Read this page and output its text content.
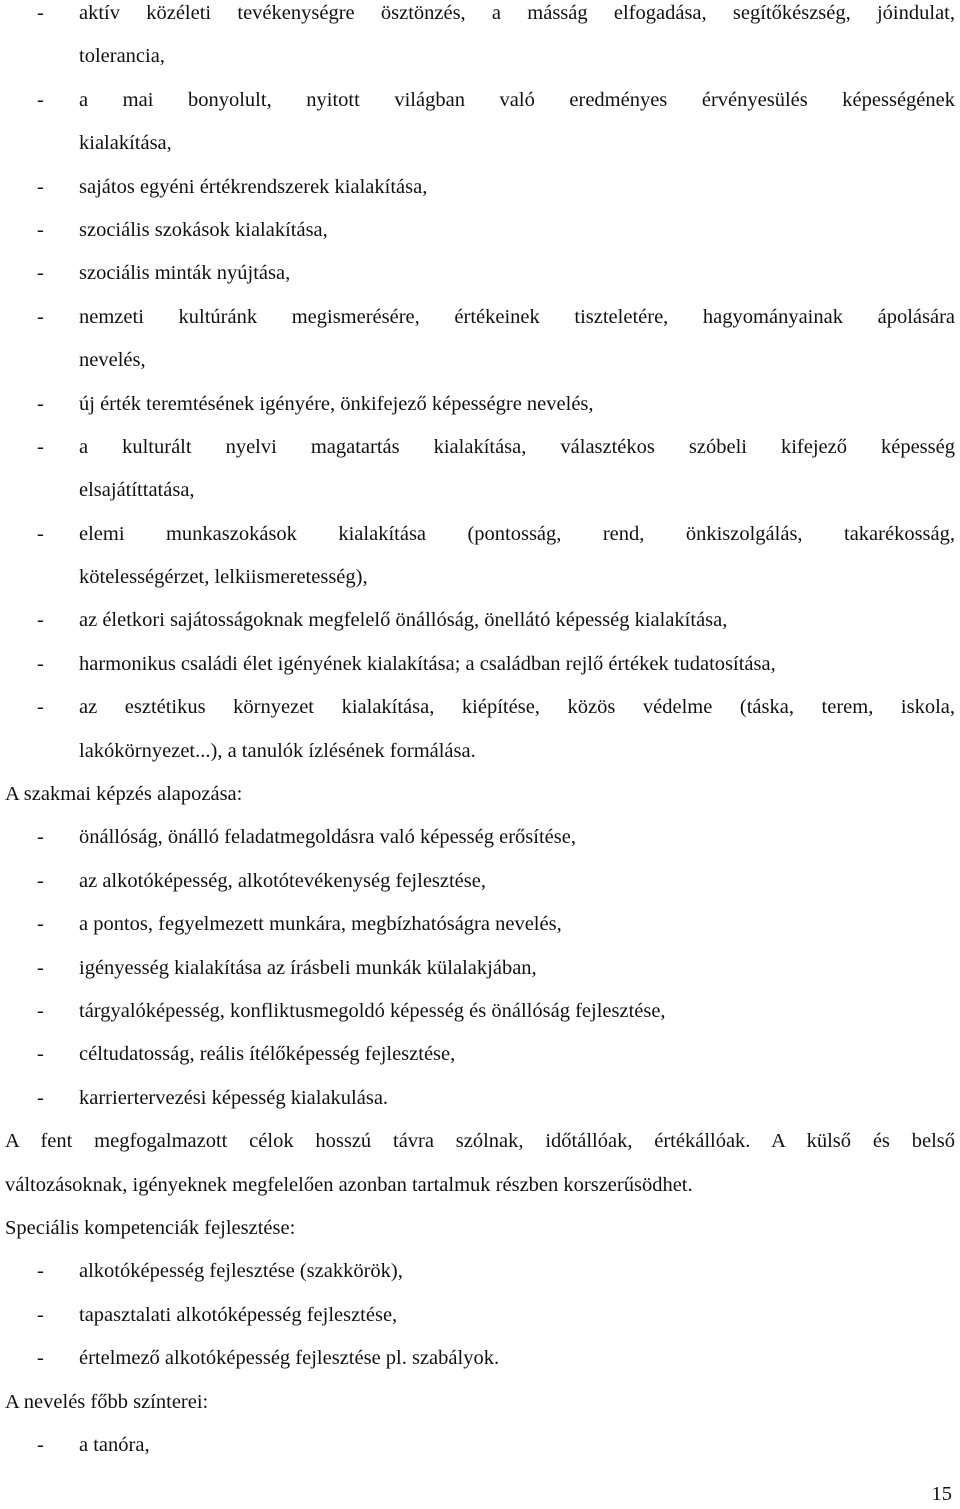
- aktív közéleti tevékenységre ösztönzés, a másság elfogadása, segítőkészség, jóindulat,
tolerancia,
- a mai bonyolult, nyitott világban való eredményes érvényesülés képességének
kialakítása,
- sajátos egyéni értékrendszerek kialakítása,
- szociális szokások kialakítása,
- szociális minták nyújtása,
- nemzeti kultúránk megismerésére, értékeinek tiszteletére, hagyományainak ápolására
nevelés,
- új érték teremtésének igényére, önkifejező képességre nevelés,
- a kulturált nyelvi magatartás kialakítása, választékos szóbeli kifejező képesség
elsajátíttatása,
- elemi munkaszokások kialakítása (pontosság, rend, önkiszolgálás, takarékosság,
kötelességérzet, lelkiismeretesség),
- az életkori sajátosságoknak megfelelő önállóság, önellátó képesség kialakítása,
- harmonikus családi élet igényének kialakítása; a családban rejlő értékek tudatosítása,
- az esztétikus környezet kialakítása, kiépítése, közös védelme (táska, terem, iskola,
lakókörnyezet...), a tanulók ízlésének formálása.
A szakmai képzés alapozása:
- önállóság, önálló feladatmegoldásra való képesség erősítése,
- az alkotóképesség, alkotótevékenység fejlesztése,
- a pontos, fegyelmezett munkára, megbízhatóságra nevelés,
- igényesség kialakítása az írásbeli munkák külalakjában,
- tárgyalóképesség, konfliktusmegoldó képesség és önállóság fejlesztése,
- céltudatosság, reális ítélőképesség fejlesztése,
- karriertervezési képesség kialakulása.
A fent megfogalmazott célok hosszú távra szólnak, időtállóak, értékállóak. A külső és belső
változásoknak, igényeknek megfelelően azonban tartalmuk részben korszerűsödhet.
Speciális kompetenciák fejlesztése:
- alkotóképesség fejlesztése (szakkörök),
- tapasztalati alkotóképesség fejlesztése,
- értelmező alkotóképesség fejlesztése pl. szabályok.
A nevelés főbb színterei:
- a tanóra,
15
